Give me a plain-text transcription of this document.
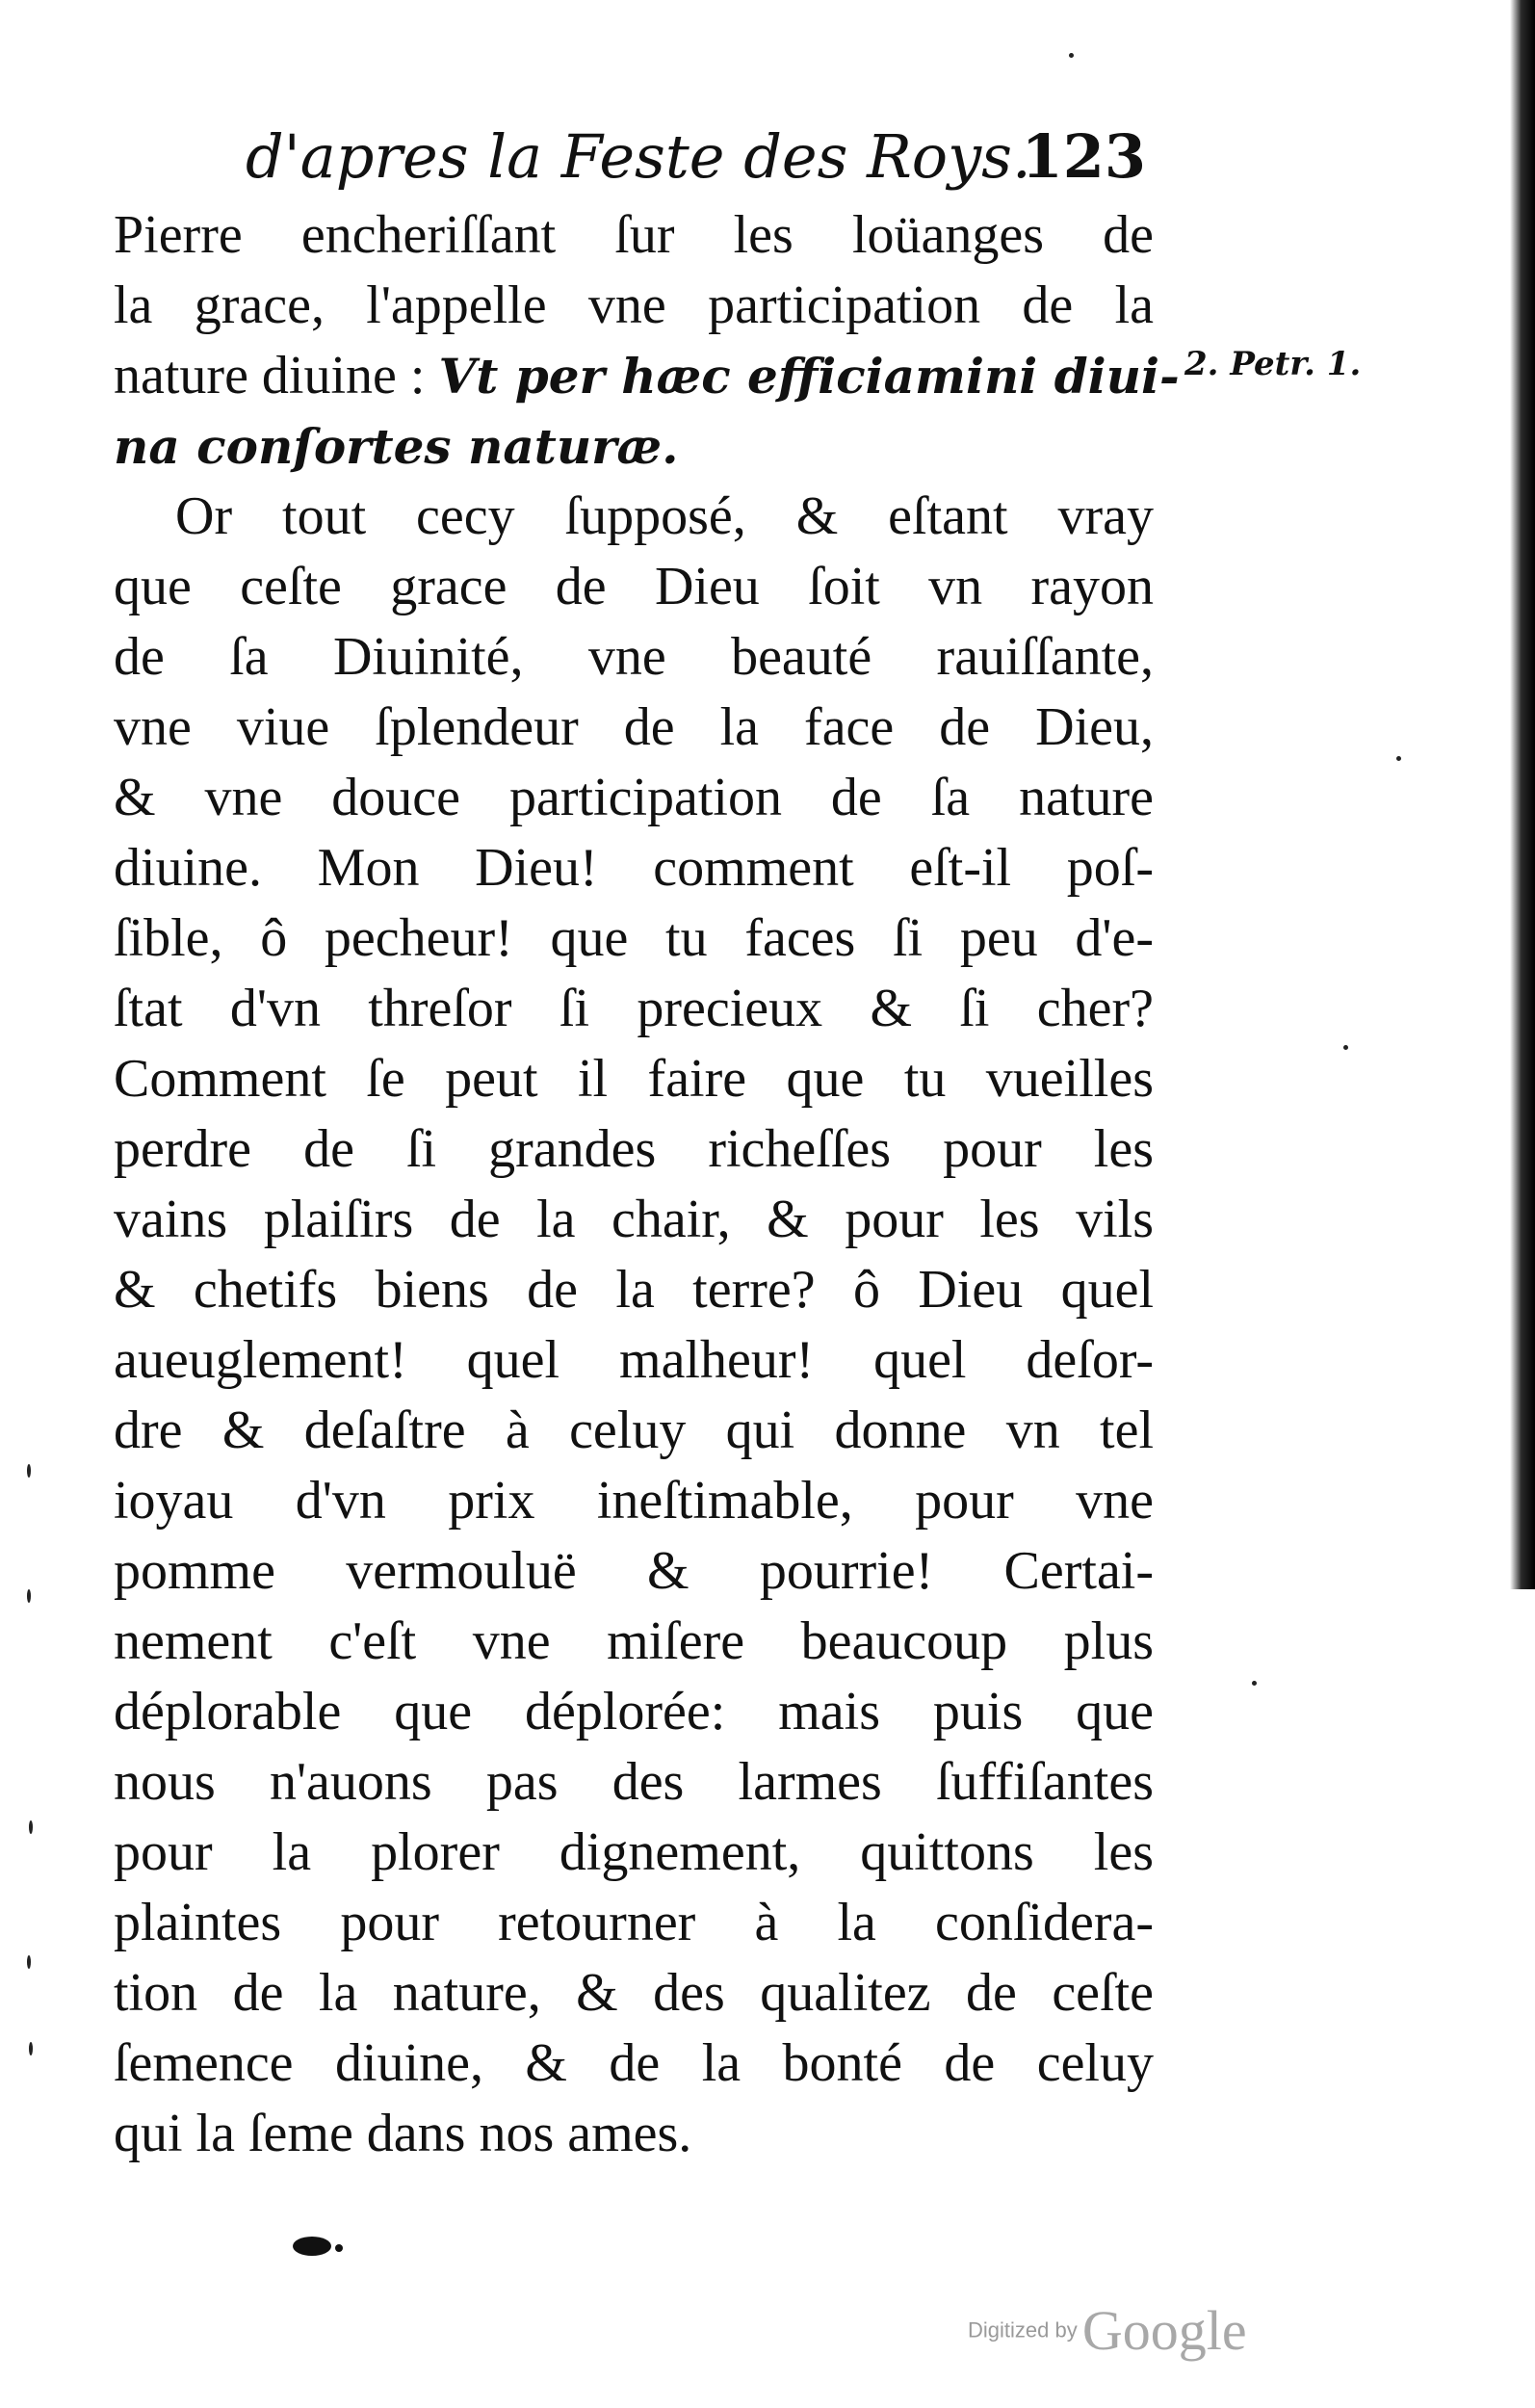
d'apres la Feste des Roys.
123
2. Petr. 1.
Pierre encheriſſant ſur les loüanges de
la grace, l'appelle vne participation de la
nature diuine : Vt per hæc efficiamini diui-
na conſortes naturæ.
Or tout cecy ſupposé, & eſtant vray
que ceſte grace de Dieu ſoit vn rayon
de ſa Diuinité, vne beauté rauiſſante,
vne viue ſplendeur de la face de Dieu,
& vne douce participation de ſa nature
diuine. Mon Dieu! comment eſt-il poſ-
ſible, ô pecheur! que tu faces ſi peu d'e-
ſtat d'vn threſor ſi precieux & ſi cher?
Comment ſe peut il faire que tu vueilles
perdre de ſi grandes richeſſes pour les
vains plaiſirs de la chair, & pour les vils
& chetifs biens de la terre? ô Dieu quel
aueuglement! quel malheur! quel deſor-
dre & deſaſtre à celuy qui donne vn tel
ioyau d'vn prix ineſtimable, pour vne
pomme vermouluë & pourrie! Certai-
nement c'eſt vne miſere beaucoup plus
déplorable que déplorée: mais puis que
nous n'auons pas des larmes ſuffiſantes
pour la plorer dignement, quittons les
plaintes pour retourner à la conſidera-
tion de la nature, & des qualitez de ceſte
ſemence diuine, & de la bonté de celuy
qui la ſeme dans nos ames.
Digitized by Google
